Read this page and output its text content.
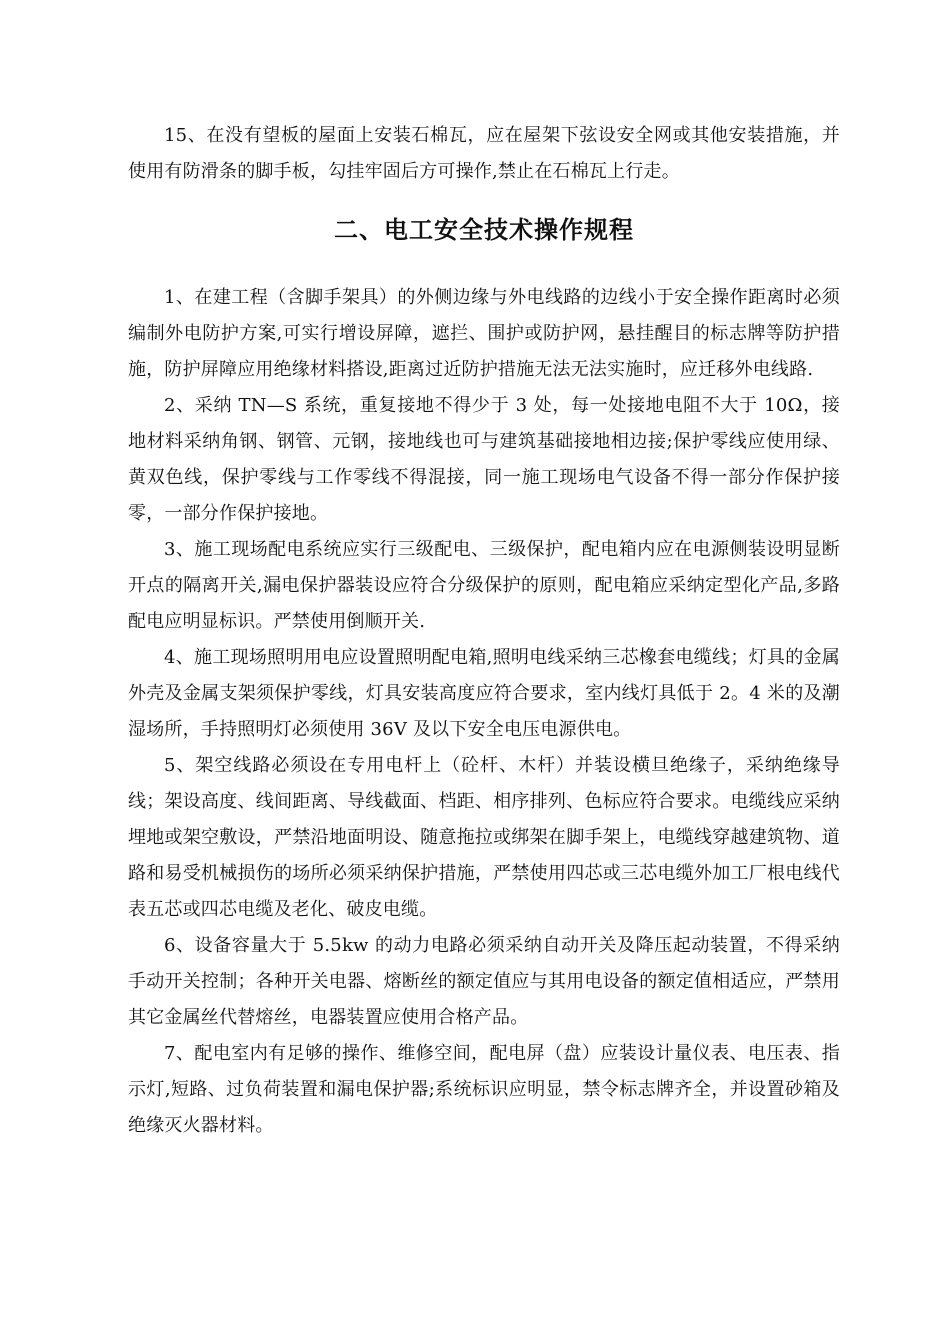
15、在没有望板的屋面上安装石棉瓦，应在屋架下弦设安全网或其他安装措施，并使用有防滑条的脚手板，勾挂牢固后方可操作,禁止在石棉瓦上行走。

二、电工安全技术操作规程

1、在建工程（含脚手架具）的外侧边缘与外电线路的边线小于安全操作距离时必须编制外电防护方案,可实行增设屏障，遮拦、围护或防护网，悬挂醒目的标志牌等防护措施，防护屏障应用绝缘材料搭设,距离过近防护措施无法无法实施时，应迁移外电线路.

2、采纳 TN—S 系统，重复接地不得少于 3 处，每一处接地电阻不大于 10Ω，接地材料采纳角钢、钢管、元钢，接地线也可与建筑基础接地相边接;保护零线应使用绿、黄双色线，保护零线与工作零线不得混接，同一施工现场电气设备不得一部分作保护接零，一部分作保护接地。

3、施工现场配电系统应实行三级配电、三级保护，配电箱内应在电源侧装设明显断开点的隔离开关,漏电保护器装设应符合分级保护的原则，配电箱应采纳定型化产品,多路配电应明显标识。严禁使用倒顺开关.

4、施工现场照明用电应设置照明配电箱,照明电线采纳三芯橡套电缆线；灯具的金属外壳及金属支架须保护零线，灯具安装高度应符合要求，室内线灯具低于 2。4 米的及潮湿场所，手持照明灯必须使用 36V 及以下安全电压电源供电。

5、架空线路必须设在专用电杆上（砼杆、木杆）并装设横旦绝缘子，采纳绝缘导线；架设高度、线间距离、导线截面、档距、相序排列、色标应符合要求。电缆线应采纳埋地或架空敷设，严禁沿地面明设、随意拖拉或绑架在脚手架上，电缆线穿越建筑物、道路和易受机械损伤的场所必须采纳保护措施，严禁使用四芯或三芯电缆外加工厂根电线代表五芯或四芯电缆及老化、破皮电缆。

6、设备容量大于 5.5kw 的动力电路必须采纳自动开关及降压起动装置，不得采纳手动开关控制；各种开关电器、熔断丝的额定值应与其用电设备的额定值相适应，严禁用其它金属丝代替熔丝，电器装置应使用合格产品。

7、配电室内有足够的操作、维修空间，配电屏（盘）应装设计量仪表、电压表、指示灯,短路、过负荷装置和漏电保护器;系统标识应明显，禁令标志牌齐全，并设置砂箱及绝缘灭火器材料。
